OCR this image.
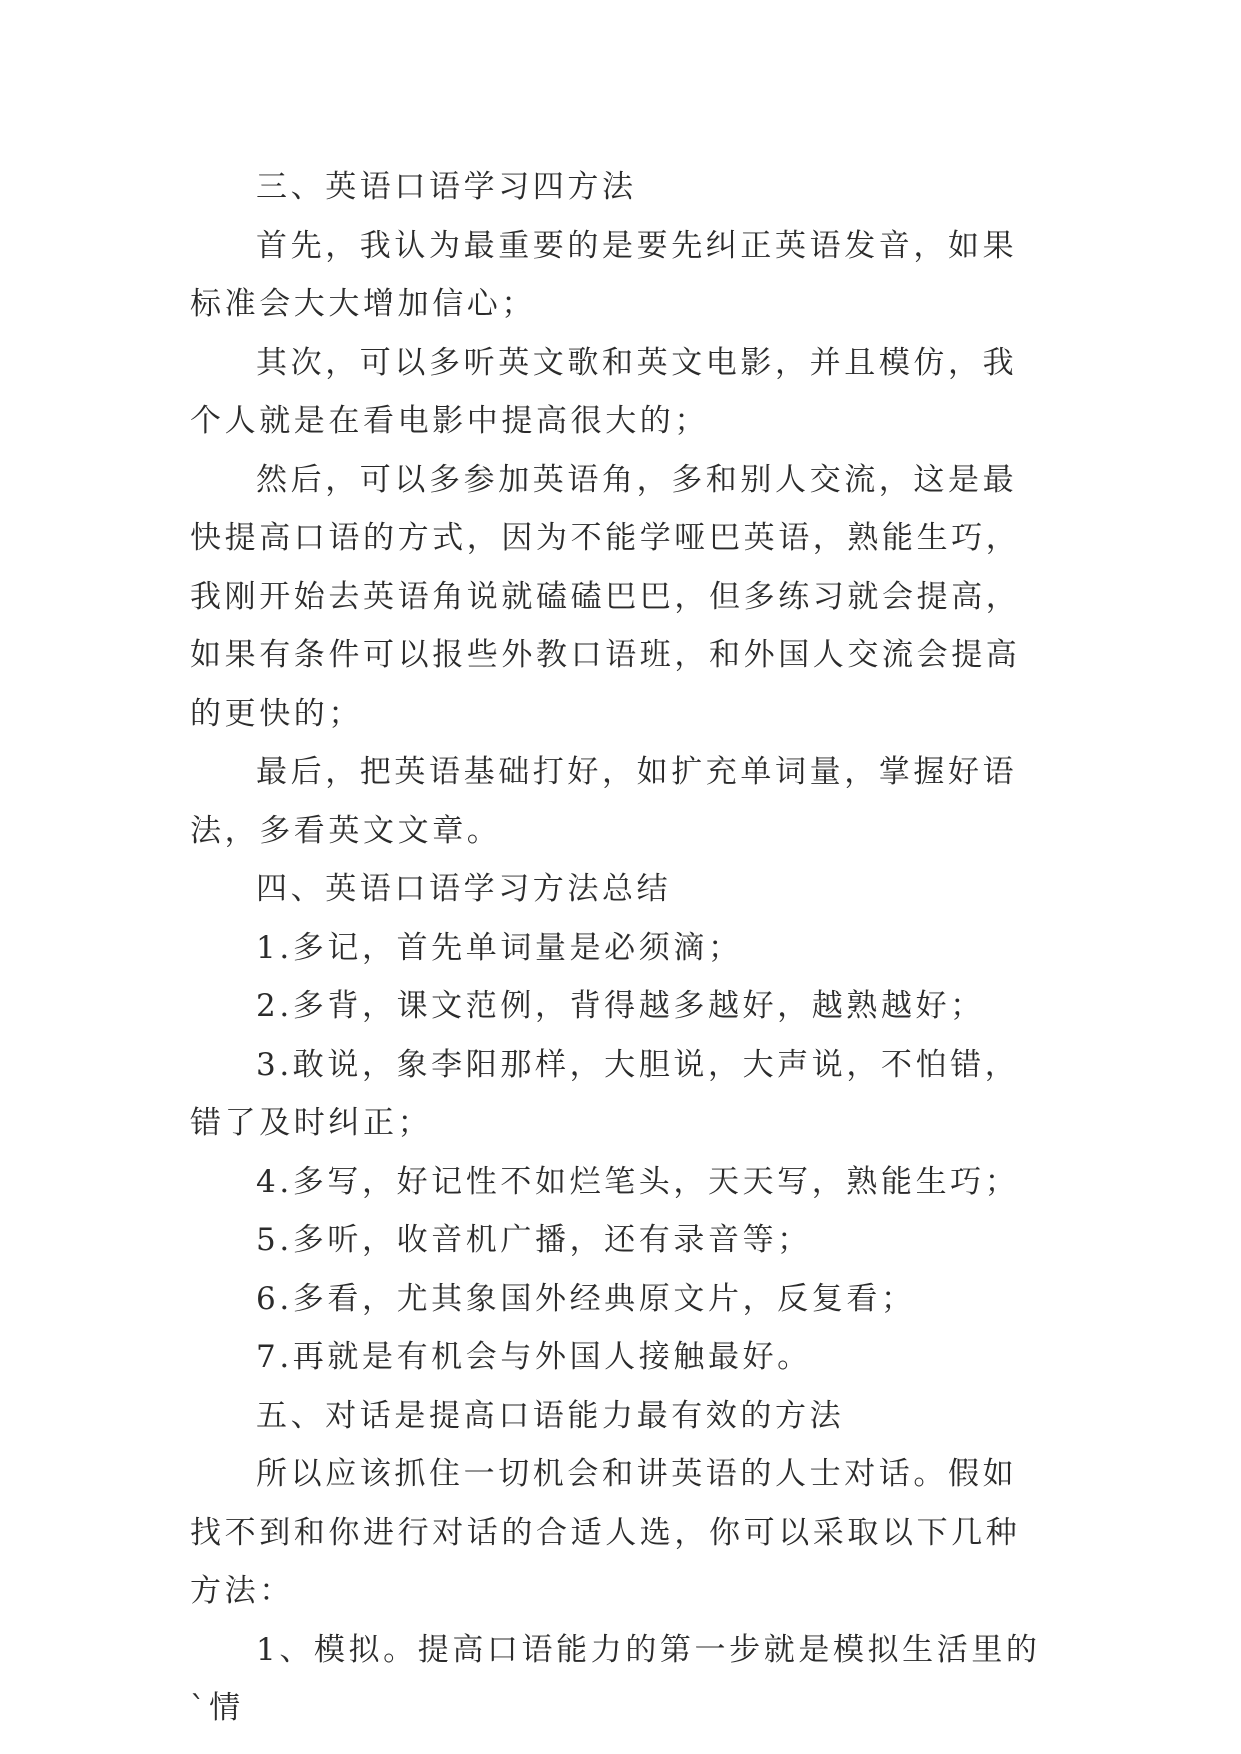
三、英语口语学习四方法

首先，我认为最重要的是要先纠正英语发音，如果标准会大大增加信心；

其次，可以多听英文歌和英文电影，并且模仿，我个人就是在看电影中提高很大的；

然后，可以多参加英语角，多和别人交流，这是最快提高口语的方式，因为不能学哑巴英语，熟能生巧，我刚开始去英语角说就磕磕巴巴，但多练习就会提高，如果有条件可以报些外教口语班，和外国人交流会提高的更快的；

最后，把英语基础打好，如扩充单词量，掌握好语法，多看英文文章。

四、英语口语学习方法总结

1.多记，首先单词量是必须滴；

2.多背，课文范例，背得越多越好，越熟越好；

3.敢说，象李阳那样，大胆说，大声说，不怕错，错了及时纠正；

4.多写，好记性不如烂笔头，天天写，熟能生巧；

5.多听，收音机广播，还有录音等；

6.多看，尤其象国外经典原文片，反复看；

7.再就是有机会与外国人接触最好。

五、对话是提高口语能力最有效的方法

所以应该抓住一切机会和讲英语的人士对话。假如找不到和你进行对话的合适人选，你可以采取以下几种方法：

1、模拟。提高口语能力的第一步就是模拟生活里的`情
